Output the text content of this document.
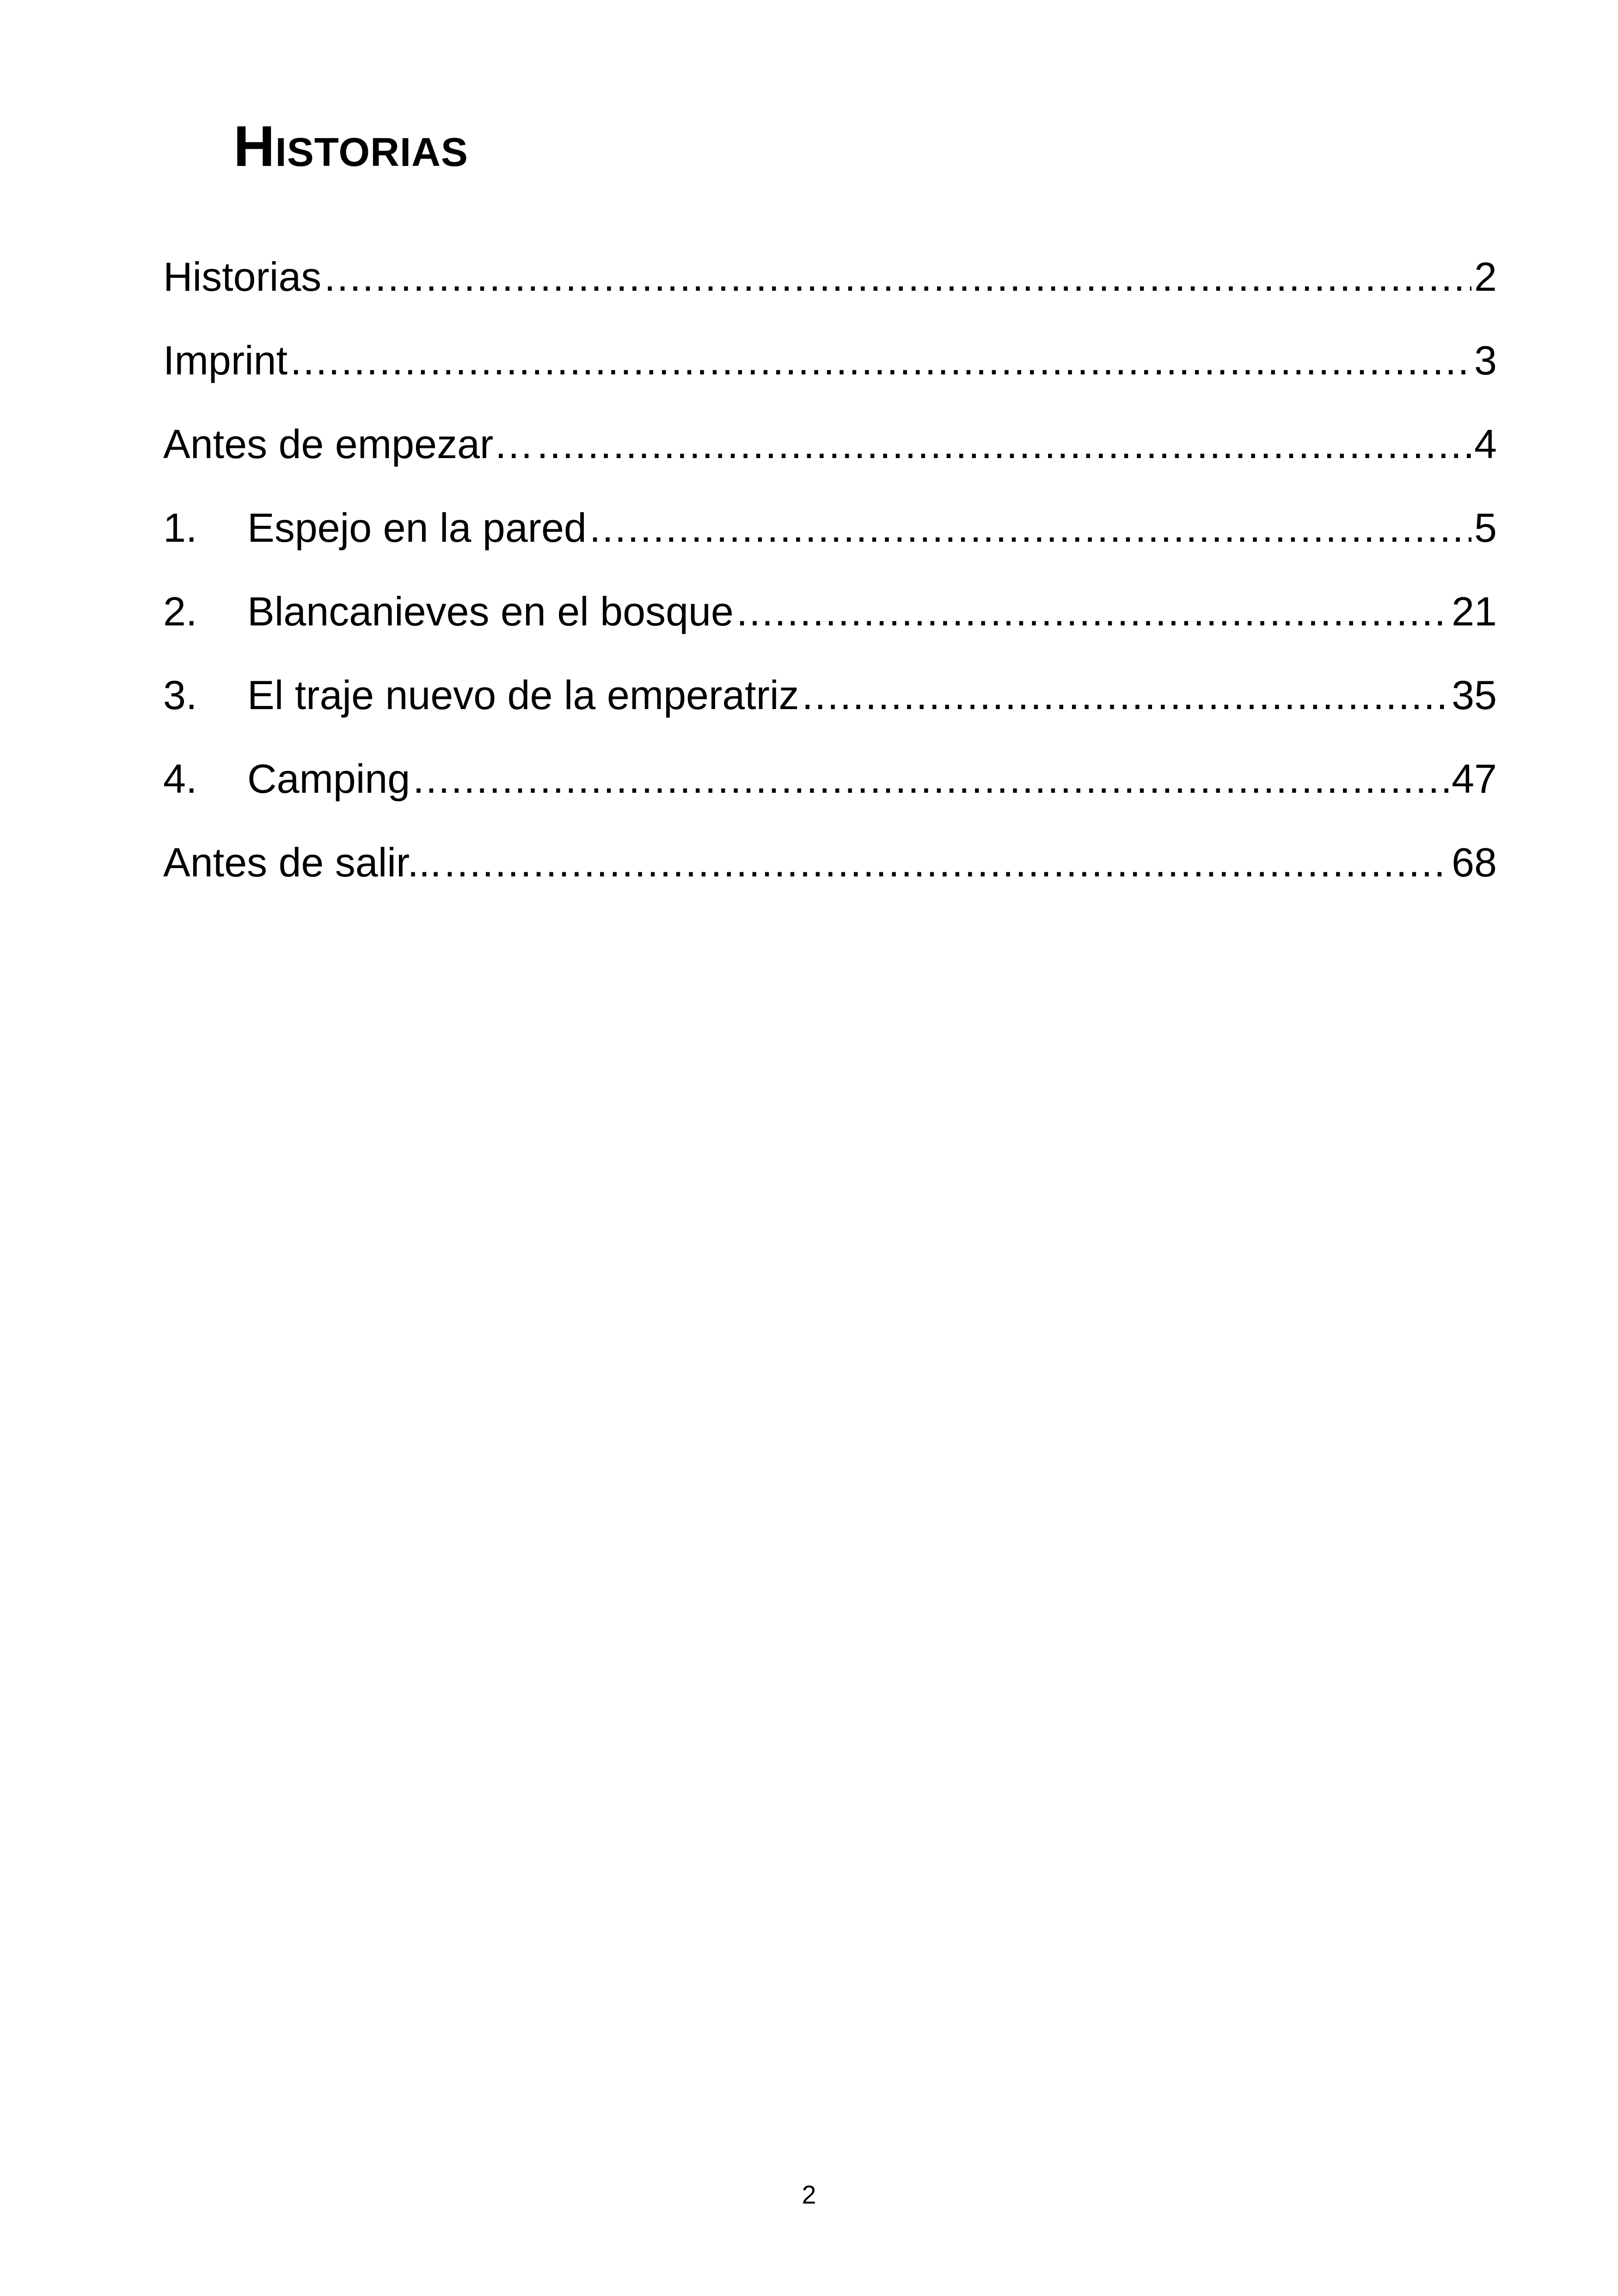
Historias
Historias .....	2
Imprint .....	3
Antes de empezar… .....	4
1.	Espejo en la pared .....	5
2.	Blancanieves en el bosque .....	21
3.	El traje nuevo de la emperatriz .....	35
4.	Camping .....	47
Antes de salir... .....	68
2
